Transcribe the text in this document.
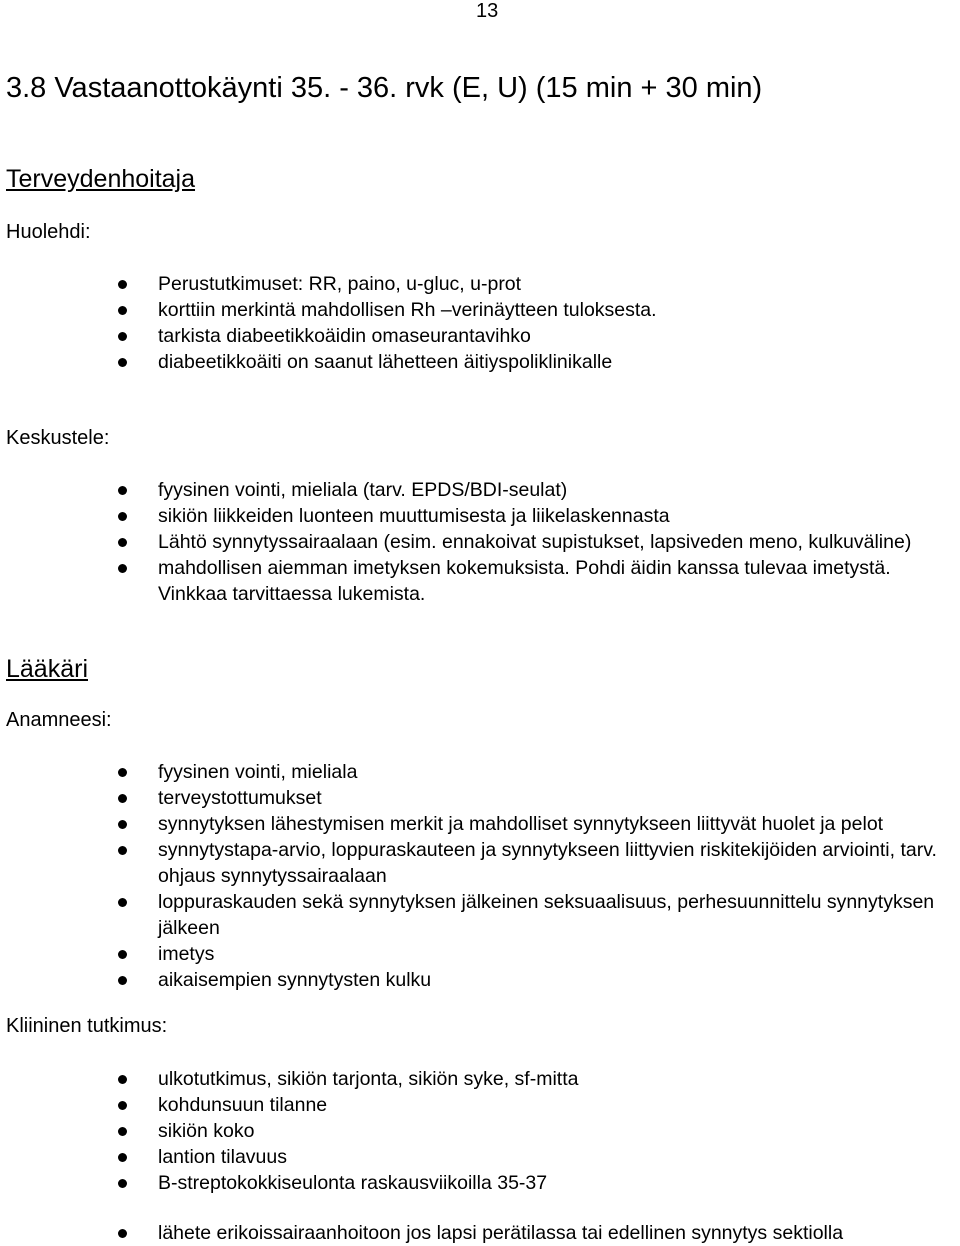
13
3.8 Vastaanottokäynti 35. - 36. rvk (E, U) (15 min + 30 min)
Terveydenhoitaja
Huolehdi:
Perustutkimuset: RR, paino, u-gluc, u-prot
korttiin merkintä mahdollisen Rh –verinäytteen tuloksesta.
tarkista diabeetikkoäidin omaseurantavihko
diabeetikkoäiti on saanut lähetteen äitiyspoliklinikalle
Keskustele:
fyysinen vointi, mieliala (tarv. EPDS/BDI-seulat)
sikiön liikkeiden luonteen muuttumisesta ja liikelaskennasta
Lähtö synnytyssairaalaan (esim. ennakoivat supistukset, lapsiveden meno, kulkuväline)
mahdollisen aiemman imetyksen kokemuksista. Pohdi äidin kanssa tulevaa imetystä. Vinkkaa tarvittaessa lukemista.
Lääkäri
Anamneesi:
fyysinen vointi, mieliala
terveystottumukset
synnytyksen lähestymisen merkit ja mahdolliset synnytykseen liittyvät huolet ja pelot
synnytystapa-arvio, loppuraskauteen ja synnytykseen liittyvien riskitekijöiden arviointi, tarv. ohjaus synnytyssairaalaan
loppuraskauden sekä synnytyksen jälkeinen seksuaalisuus, perhesuunnittelu synnytyksen jälkeen
imetys
aikaisempien synnytysten kulku
Kliininen tutkimus:
ulkotutkimus, sikiön tarjonta, sikiön syke, sf-mitta
kohdunsuun tilanne
sikiön koko
lantion tilavuus
B-streptokokkiseulonta raskausviikoilla 35-37
lähete erikoissairaanhoitoon jos lapsi perätilassa tai edellinen synnytys sektiolla
